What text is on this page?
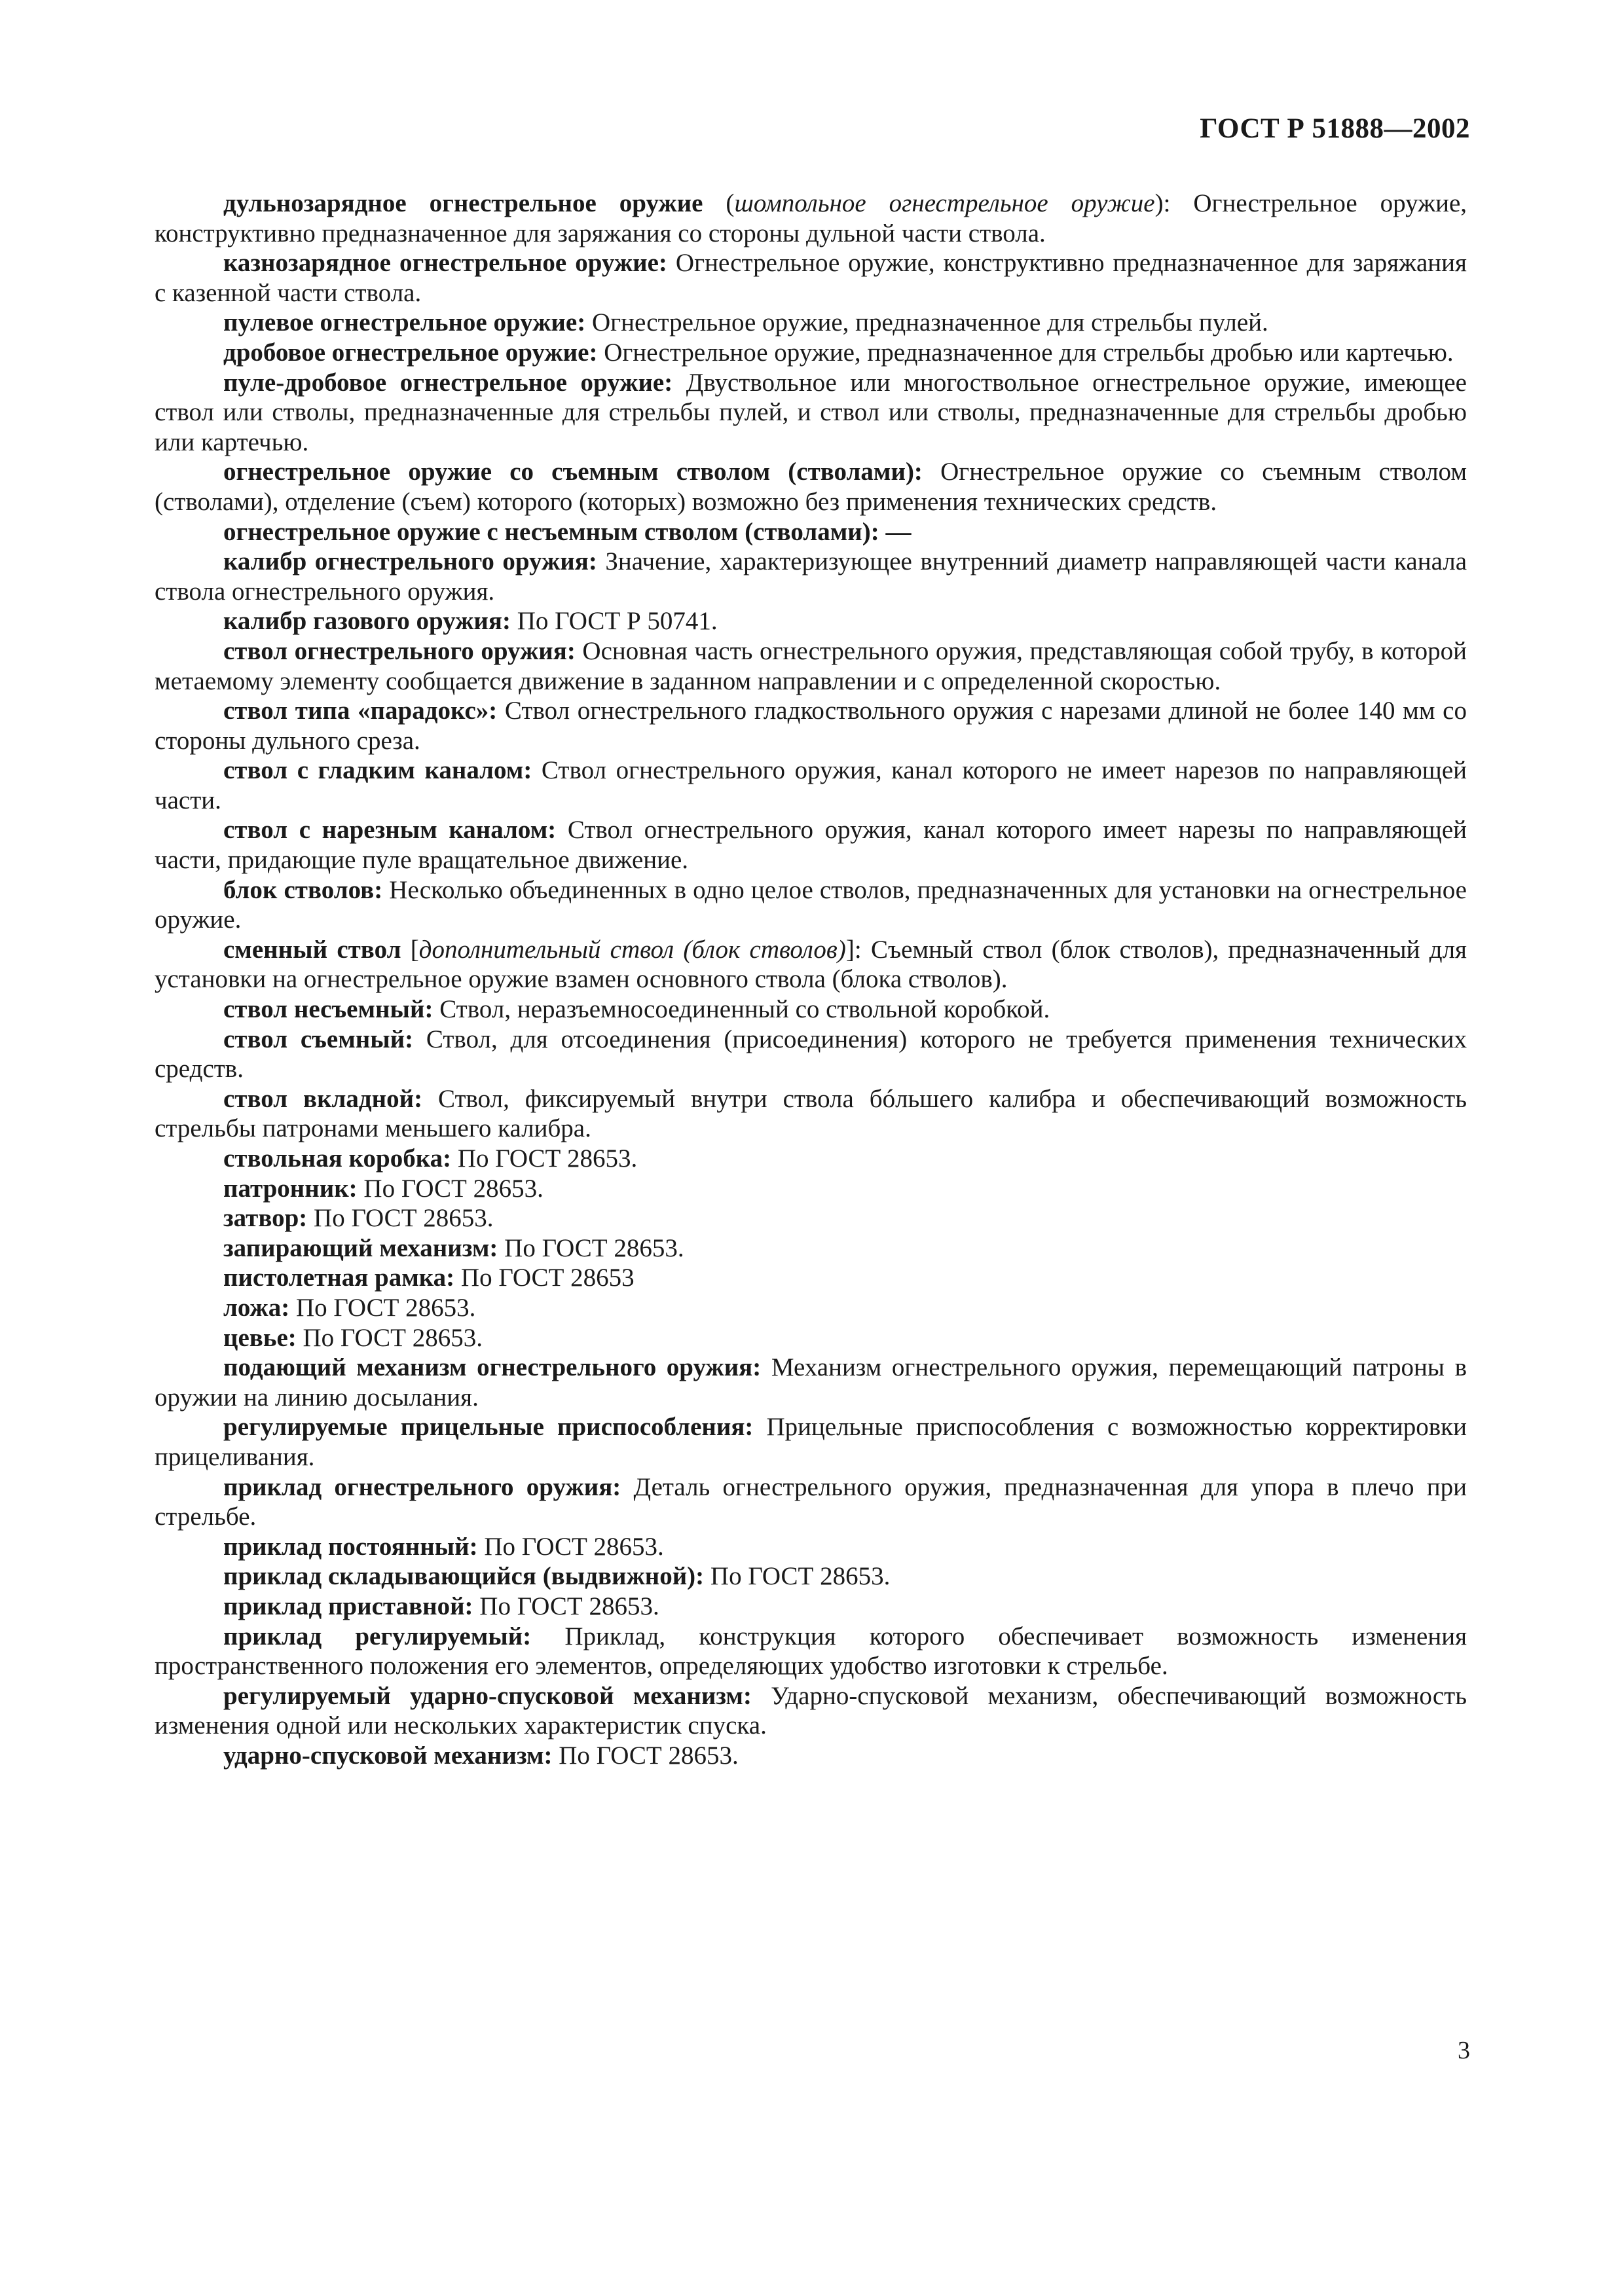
ГОСТ Р 51888—2002

дульнозарядное огнестрельное оружие (шомпольное огнестрельное оружие): Огнестрельное оружие, конструктивно предназначенное для заряжания со стороны дульной части ствола.

казнозарядное огнестрельное оружие: Огнестрельное оружие, конструктивно предназначенное для заряжания с казенной части ствола.

пулевое огнестрельное оружие: Огнестрельное оружие, предназначенное для стрельбы пулей.

дробовое огнестрельное оружие: Огнестрельное оружие, предназначенное для стрельбы дробью или картечью.

пуле-дробовое огнестрельное оружие: Двуствольное или многоствольное огнестрельное оружие, имеющее ствол или стволы, предназначенные для стрельбы пулей, и ствол или стволы, предназначенные для стрельбы дробью или картечью.

огнестрельное оружие со съемным стволом (стволами): Огнестрельное оружие со съемным стволом (стволами), отделение (съем) которого (которых) возможно без применения технических средств.

огнестрельное оружие с несъемным стволом (стволами): —

калибр огнестрельного оружия: Значение, характеризующее внутренний диаметр направляющей части канала ствола огнестрельного оружия.

калибр газового оружия: По ГОСТ Р 50741.

ствол огнестрельного оружия: Основная часть огнестрельного оружия, представляющая собой трубу, в которой метаемому элементу сообщается движение в заданном направлении и с определенной скоростью.

ствол типа «парадокс»: Ствол огнестрельного гладкоствольного оружия с нарезами длиной не более 140 мм со стороны дульного среза.

ствол с гладким каналом: Ствол огнестрельного оружия, канал которого не имеет нарезов по направляющей части.

ствол с нарезным каналом: Ствол огнестрельного оружия, канал которого имеет нарезы по направляющей части, придающие пуле вращательное движение.

блок стволов: Несколько объединенных в одно целое стволов, предназначенных для установки на огнестрельное оружие.

сменный ствол [дополнительный ствол (блок стволов)]: Съемный ствол (блок стволов), предназначенный для установки на огнестрельное оружие взамен основного ствола (блока стволов).

ствол несъемный: Ствол, неразъемносоединенный со ствольной коробкой.

ствол съемный: Ствол, для отсоединения (присоединения) которого не требуется применения технических средств.

ствол вкладной: Ствол, фиксируемый внутри ствола бóльшего калибра и обеспечивающий возможность стрельбы патронами меньшего калибра.

ствольная коробка: По ГОСТ 28653.

патронник: По ГОСТ 28653.

затвор: По ГОСТ 28653.

запирающий механизм: По ГОСТ 28653.

пистолетная рамка: По ГОСТ 28653

ложа: По ГОСТ 28653.

цевье: По ГОСТ 28653.

подающий механизм огнестрельного оружия: Механизм огнестрельного оружия, перемещающий патроны в оружии на линию досылания.

регулируемые прицельные приспособления: Прицельные приспособления с возможностью корректировки прицеливания.

приклад огнестрельного оружия: Деталь огнестрельного оружия, предназначенная для упора в плечо при стрельбе.

приклад постоянный: По ГОСТ 28653.

приклад складывающийся (выдвижной): По ГОСТ 28653.

приклад приставной: По ГОСТ 28653.

приклад регулируемый: Приклад, конструкция которого обеспечивает возможность изменения пространственного положения его элементов, определяющих удобство изготовки к стрельбе.

регулируемый ударно-спусковой механизм: Ударно-спусковой механизм, обеспечивающий возможность изменения одной или нескольких характеристик спуска.

ударно-спусковой механизм: По ГОСТ 28653.

3
